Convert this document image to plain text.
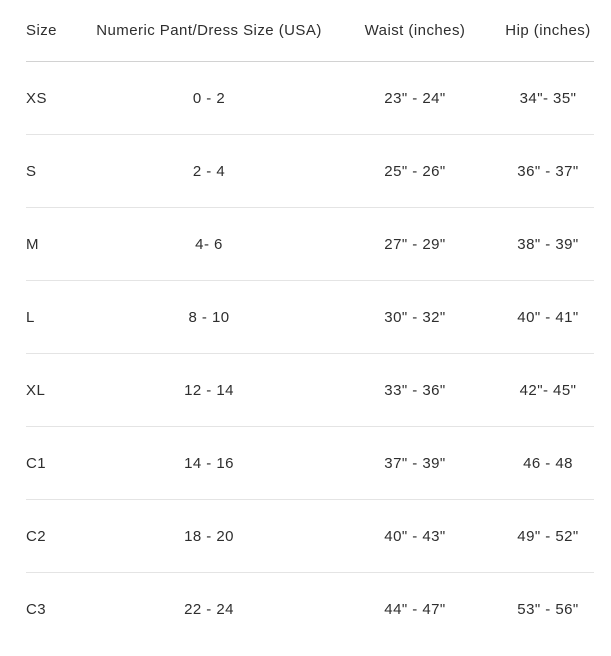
Size	Numeric Pant/Dress Size (USA)	Waist (inches)	Hip (inches)
XS	0 - 2	23" - 24"	34"- 35"
S	2 - 4	25" - 26"	36" - 37"
M	4- 6	27" - 29"	38" - 39"
L	8 - 10	30" - 32"	40" - 41"
XL	12 - 14	33" - 36"	42"- 45"
C1	14 - 16	37" - 39"	46 - 48
C2	18 - 20	40" - 43"	49" - 52"
C3	22 - 24	44" - 47"	53" - 56"
